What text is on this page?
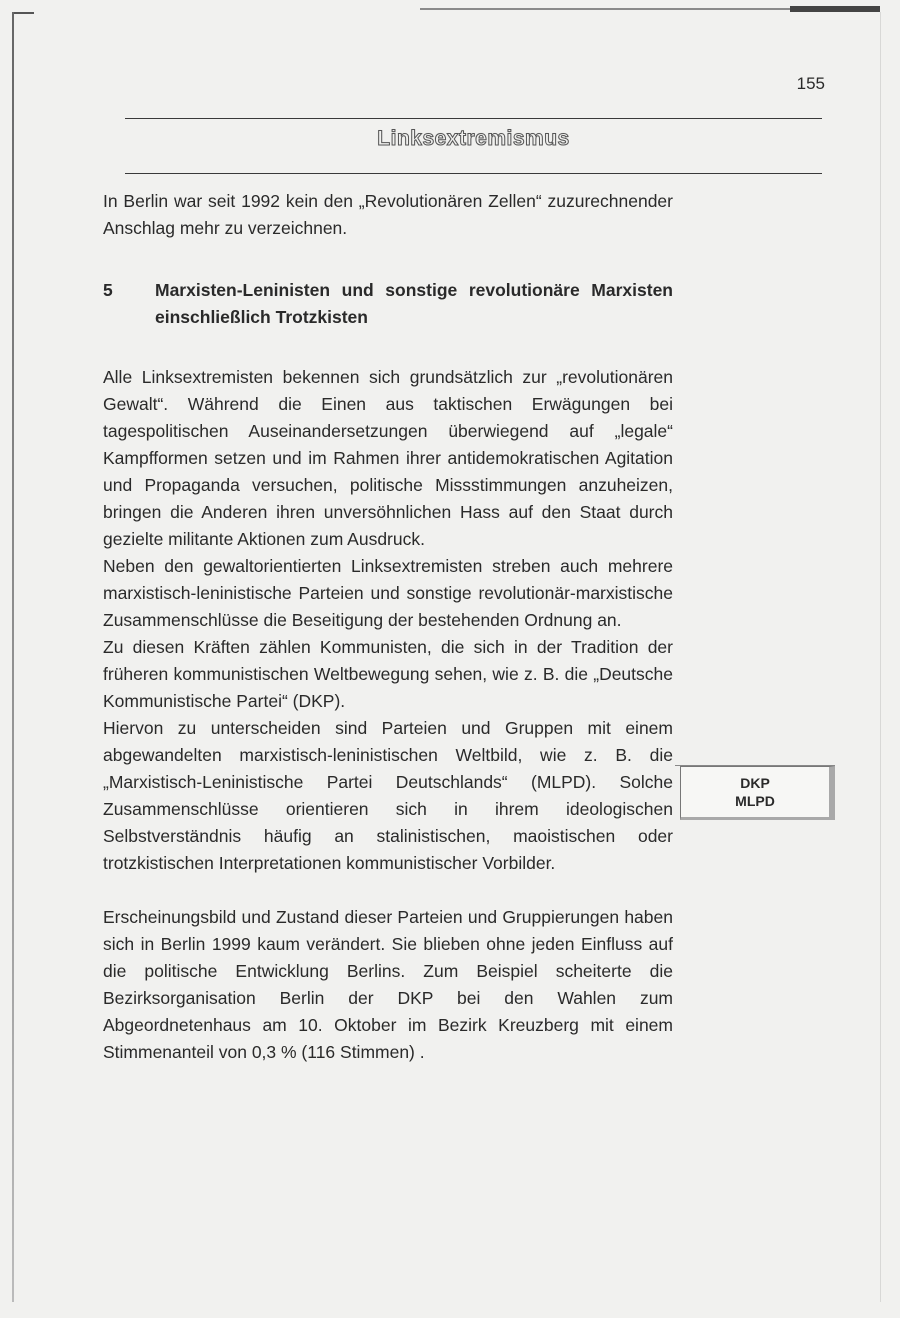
155
Linksextremismus

In Berlin war seit 1992 kein den „Revolutionären Zellen“ zuzurechnender Anschlag mehr zu verzeichnen.

5	Marxisten-Leninisten und sonstige revolutionäre Marxisten einschließlich Trotzkisten

Alle Linksextremisten bekennen sich grundsätzlich zur „revolutionären Gewalt“. Während die Einen aus taktischen Erwägungen bei tagespolitischen Auseinandersetzungen überwiegend auf „legale“ Kampfformen setzen und im Rahmen ihrer antidemokratischen Agitation und Propaganda versuchen, politische Missstimmungen anzuheizen, bringen die Anderen ihren unversöhnlichen Hass auf den Staat durch gezielte militante Aktionen zum Ausdruck.

Neben den gewaltorientierten Linksextremisten streben auch mehrere marxistisch-leninistische Parteien und sonstige revolutionär-marxistische Zusammenschlüsse die Beseitigung der bestehenden Ordnung an.

Zu diesen Kräften zählen Kommunisten, die sich in der Tradition der früheren kommunistischen Weltbewegung sehen, wie z. B. die „Deutsche Kommunistische Partei“ (DKP).

Hiervon zu unterscheiden sind Parteien und Gruppen mit einem abgewandelten marxistisch-leninistischen Weltbild, wie z. B. die „Marxistisch-Leninistische Partei Deutschlands“ (MLPD). Solche Zusammenschlüsse orientieren sich in ihrem ideologischen Selbstverständnis häufig an stalinistischen, maoistischen oder trotzkistischen Interpretationen kommunistischer Vorbilder.

Erscheinungsbild und Zustand dieser Parteien und Gruppierungen haben sich in Berlin 1999 kaum verändert. Sie blieben ohne jeden Einfluss auf die politische Entwicklung Berlins. Zum Beispiel scheiterte die Bezirksorganisation Berlin der DKP bei den Wahlen zum Abgeordnetenhaus am 10. Oktober im Bezirk Kreuzberg mit einem Stimmenanteil von 0,3 % (116 Stimmen) .

DKP
MLPD
